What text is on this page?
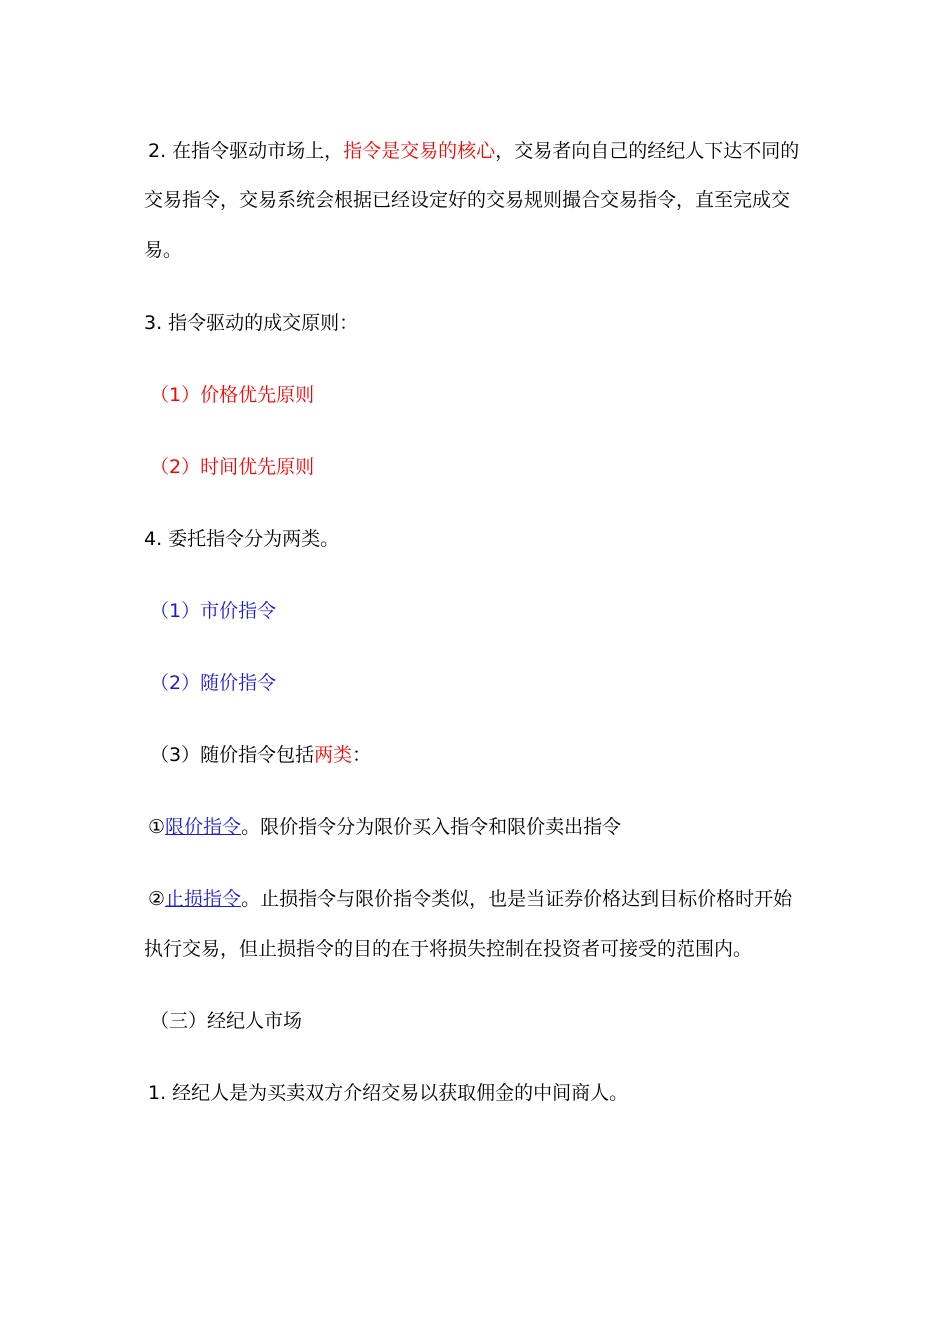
2. 在指令驱动市场上，指令是交易的核心，交易者向自己的经纪人下达不同的
交易指令，交易系统会根据已经设定好的交易规则撮合交易指令，直至完成交
易。
3. 指令驱动的成交原则：
（1）价格优先原则
（2）时间优先原则
4. 委托指令分为两类。
（1）市价指令
（2）随价指令
（3）随价指令包括两类：
①限价指令。限价指令分为限价买入指令和限价卖出指令
②止损指令。止损指令与限价指令类似，也是当证券价格达到目标价格时开始
执行交易，但止损指令的目的在于将损失控制在投资者可接受的范围内。
（三）经纪人市场
1. 经纪人是为买卖双方介绍交易以获取佣金的中间商人。
